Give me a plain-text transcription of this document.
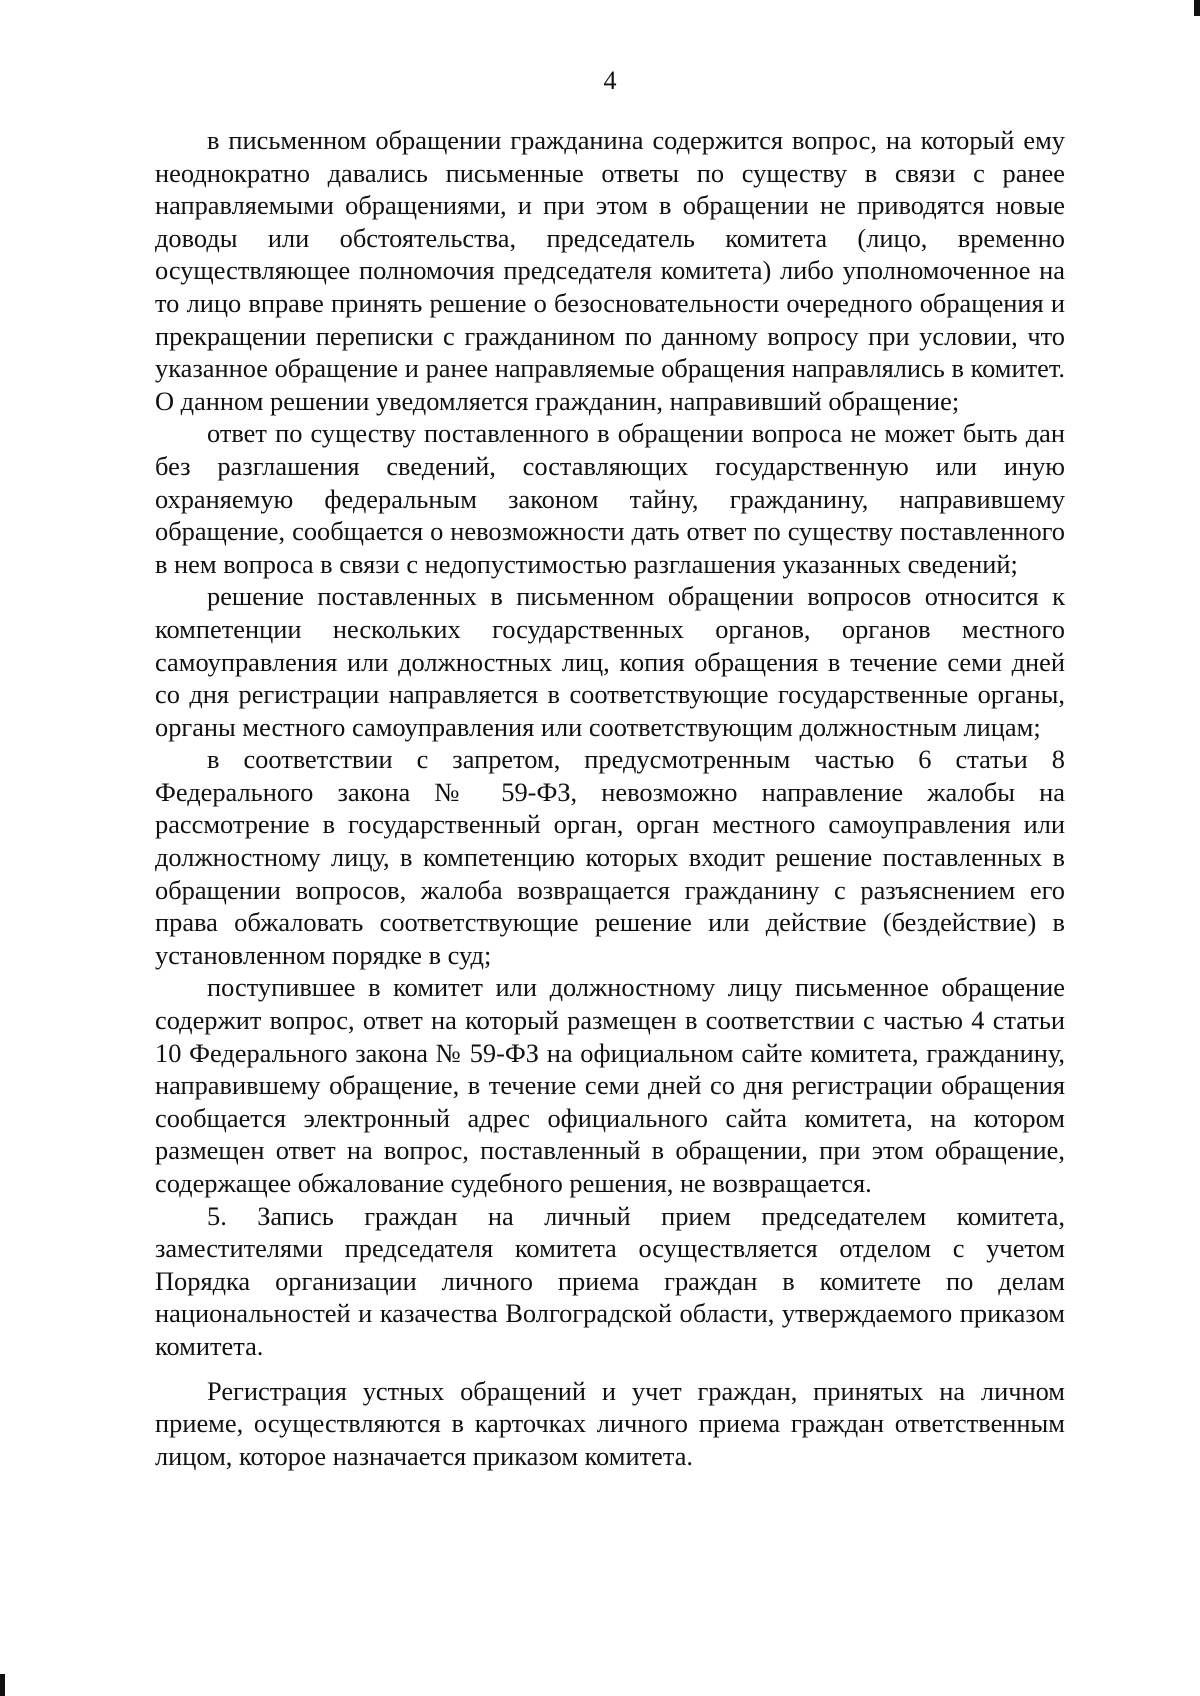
4

в письменном обращении гражданина содержится вопрос, на который ему неоднократно давались письменные ответы по существу в связи с ранее направляемыми обращениями, и при этом в обращении не приводятся новые доводы или обстоятельства, председатель комитета (лицо, временно осуществляющее полномочия председателя комитета) либо уполномоченное на то лицо вправе принять решение о безосновательности очередного обращения и прекращении переписки с гражданином по данному вопросу при условии, что указанное обращение и ранее направляемые обращения направлялись в комитет. О данном решении уведомляется гражданин, направивший обращение;

ответ по существу поставленного в обращении вопроса не может быть дан без разглашения сведений, составляющих государственную или иную охраняемую федеральным законом тайну, гражданину, направившему обращение, сообщается о невозможности дать ответ по существу поставленного в нем вопроса в связи с недопустимостью разглашения указанных сведений;

решение поставленных в письменном обращении вопросов относится к компетенции нескольких государственных органов, органов местного самоуправления или должностных лиц, копия обращения в течение семи дней со дня регистрации направляется в соответствующие государственные органы, органы местного самоуправления или соответствующим должностным лицам;

в соответствии с запретом, предусмотренным частью 6 статьи 8 Федерального закона № 59-ФЗ, невозможно направление жалобы на рассмотрение в государственный орган, орган местного самоуправления или должностному лицу, в компетенцию которых входит решение поставленных в обращении вопросов, жалоба возвращается гражданину с разъяснением его права обжаловать соответствующие решение или действие (бездействие) в установленном порядке в суд;

поступившее в комитет или должностному лицу письменное обращение содержит вопрос, ответ на который размещен в соответствии с частью 4 статьи 10 Федерального закона № 59-ФЗ на официальном сайте комитета, гражданину, направившему обращение, в течение семи дней со дня регистрации обращения сообщается электронный адрес официального сайта комитета, на котором размещен ответ на вопрос, поставленный в обращении, при этом обращение, содержащее обжалование судебного решения, не возвращается.

5. Запись граждан на личный прием председателем комитета, заместителями председателя комитета осуществляется отделом с учетом Порядка организации личного приема граждан в комитете по делам национальностей и казачества Волгоградской области, утверждаемого приказом комитета.

Регистрация устных обращений и учет граждан, принятых на личном приеме, осуществляются в карточках личного приема граждан ответственным лицом, которое назначается приказом комитета.
